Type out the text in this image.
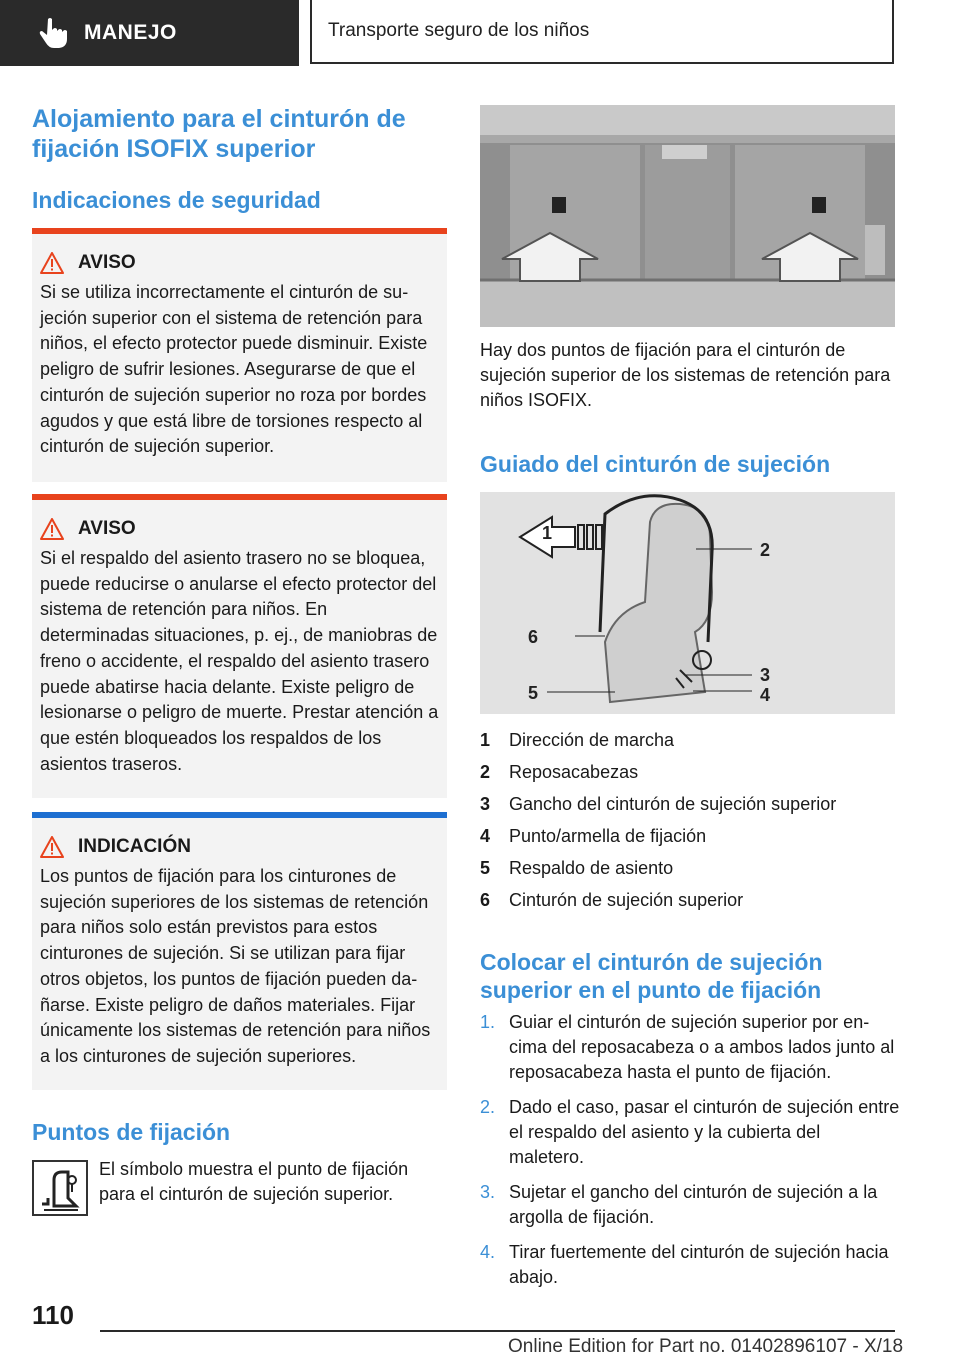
MANEJO	Transporte seguro de los niños
Alojamiento para el cinturón de fijación ISOFIX superior
Indicaciones de seguridad
AVISO
Si se utiliza incorrectamente el cinturón de sujeción superior con el sistema de retención para niños, el efecto protector puede disminuir. Existe peligro de sufrir lesiones. Asegurarse de que el cinturón de sujeción superior no roza por bordes agudos y que está libre de torsiones respecto al cinturón de sujeción superior.
AVISO
Si el respaldo del asiento trasero no se bloquea, puede reducirse o anularse el efecto protector del sistema de retención para niños. En determinadas situaciones, p. ej., de maniobras de freno o accidente, el respaldo del asiento trasero puede abatirse hacia delante. Existe peligro de lesionarse o peligro de muerte. Prestar atención a que estén bloqueados los respaldos de los asientos traseros.
INDICACIÓN
Los puntos de fijación para los cinturones de sujeción superiores de los sistemas de retención para niños solo están previstos para estos cinturones de sujeción. Si se utilizan para fijar otros objetos, los puntos de fijación pueden dañarse. Existe peligro de daños materiales. Fijar únicamente los sistemas de retención para niños a los cinturones de sujeción superiores.
Puntos de fijación
El símbolo muestra el punto de fijación para el cinturón de sujeción superior.
Hay dos puntos de fijación para el cinturón de sujeción superior de los sistemas de retención para niños ISOFIX.
Guiado del cinturón de sujeción
1
2
3
4
5
6
1	Dirección de marcha
2	Reposacabezas
3	Gancho del cinturón de sujeción superior
4	Punto/armella de fijación
5	Respaldo de asiento
6	Cinturón de sujeción superior
Colocar el cinturón de sujeción superior en el punto de fijación
1. Guiar el cinturón de sujeción superior por encima del reposacabeza o a ambos lados junto al reposacabeza hasta el punto de fijación.
2. Dado el caso, pasar el cinturón de sujeción entre el respaldo del asiento y la cubierta del maletero.
3. Sujetar el gancho del cinturón de sujeción a la argolla de fijación.
4. Tirar fuertemente del cinturón de sujeción hacia abajo.
110
Online Edition for Part no. 01402896107 - X/18
